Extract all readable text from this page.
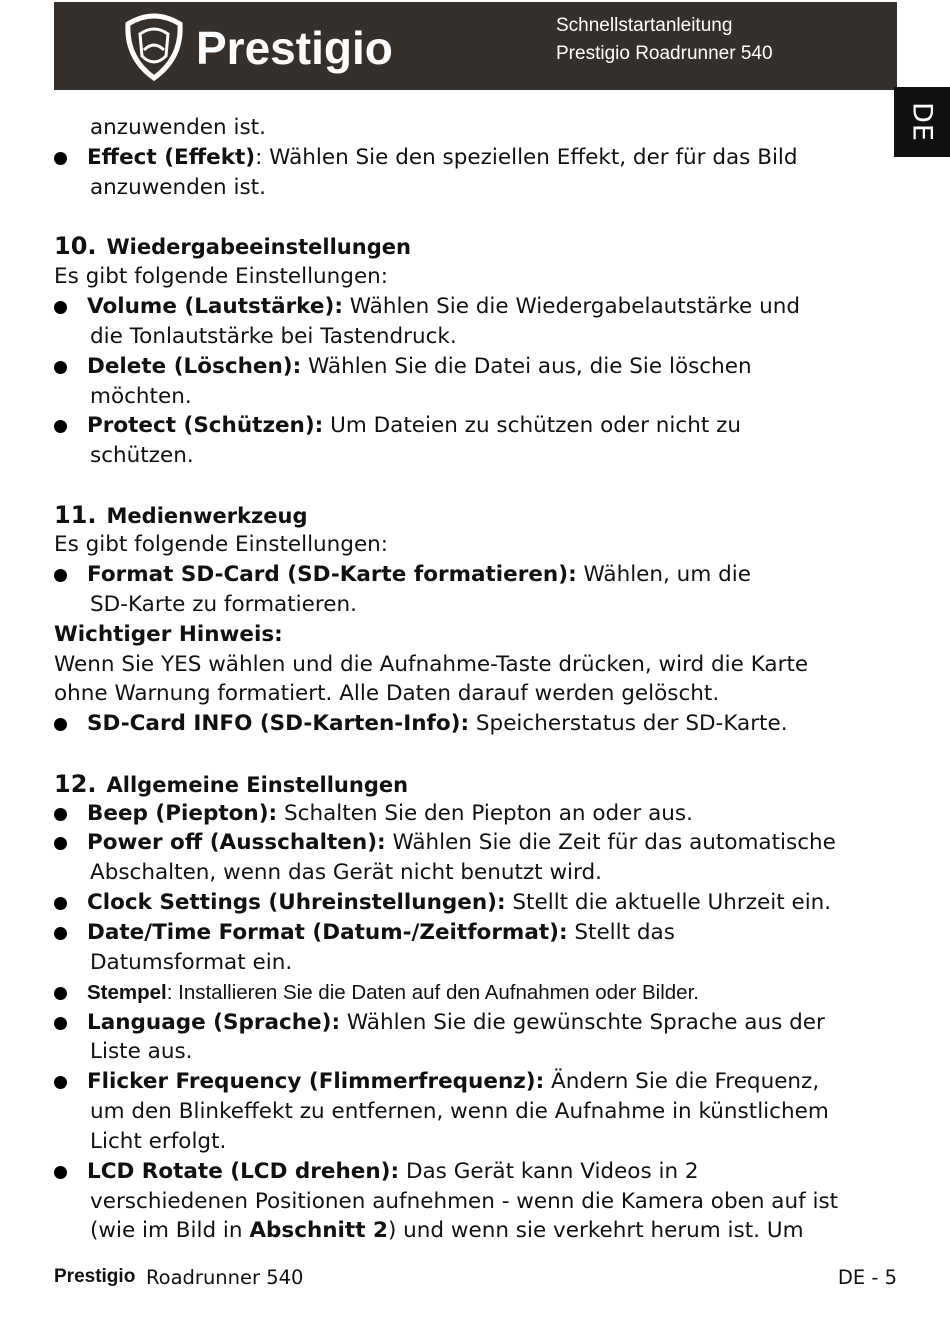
Prestigio	Schnellstartanleitung
Prestigio Roadrunner 540
DE
anzuwenden ist.
Effect (Effekt): Wählen Sie den speziellen Effekt, der für das Bild
anzuwenden ist.
10. Wiedergabeeinstellungen
Es gibt folgende Einstellungen:
Volume (Lautstärke): Wählen Sie die Wiedergabelautstärke und
die Tonlautstärke bei Tastendruck.
Delete (Löschen): Wählen Sie die Datei aus, die Sie löschen
möchten.
Protect (Schützen): Um Dateien zu schützen oder nicht zu
schützen.
11. Medienwerkzeug
Es gibt folgende Einstellungen:
Format SD-Card (SD-Karte formatieren): Wählen, um die
SD-Karte zu formatieren.
Wichtiger Hinweis:
Wenn Sie YES wählen und die Aufnahme-Taste drücken, wird die Karte
ohne Warnung formatiert. Alle Daten darauf werden gelöscht.
SD-Card INFO (SD-Karten-Info): Speicherstatus der SD-Karte.
12. Allgemeine Einstellungen
Beep (Piepton): Schalten Sie den Piepton an oder aus.
Power off (Ausschalten): Wählen Sie die Zeit für das automatische
Abschalten, wenn das Gerät nicht benutzt wird.
Clock Settings (Uhreinstellungen): Stellt die aktuelle Uhrzeit ein.
Date/Time Format (Datum-/Zeitformat): Stellt das
Datumsformat ein.
Stempel: Installieren Sie die Daten auf den Aufnahmen oder Bilder.
Language (Sprache): Wählen Sie die gewünschte Sprache aus der
Liste aus.
Flicker Frequency (Flimmerfrequenz): Ändern Sie die Frequenz,
um den Blinkeffekt zu entfernen, wenn die Aufnahme in künstlichem
Licht erfolgt.
LCD Rotate (LCD drehen): Das Gerät kann Videos in 2
verschiedenen Positionen aufnehmen - wenn die Kamera oben auf ist
(wie im Bild in Abschnitt 2) und wenn sie verkehrt herum ist. Um
Prestigio Roadrunner 540	DE - 5
